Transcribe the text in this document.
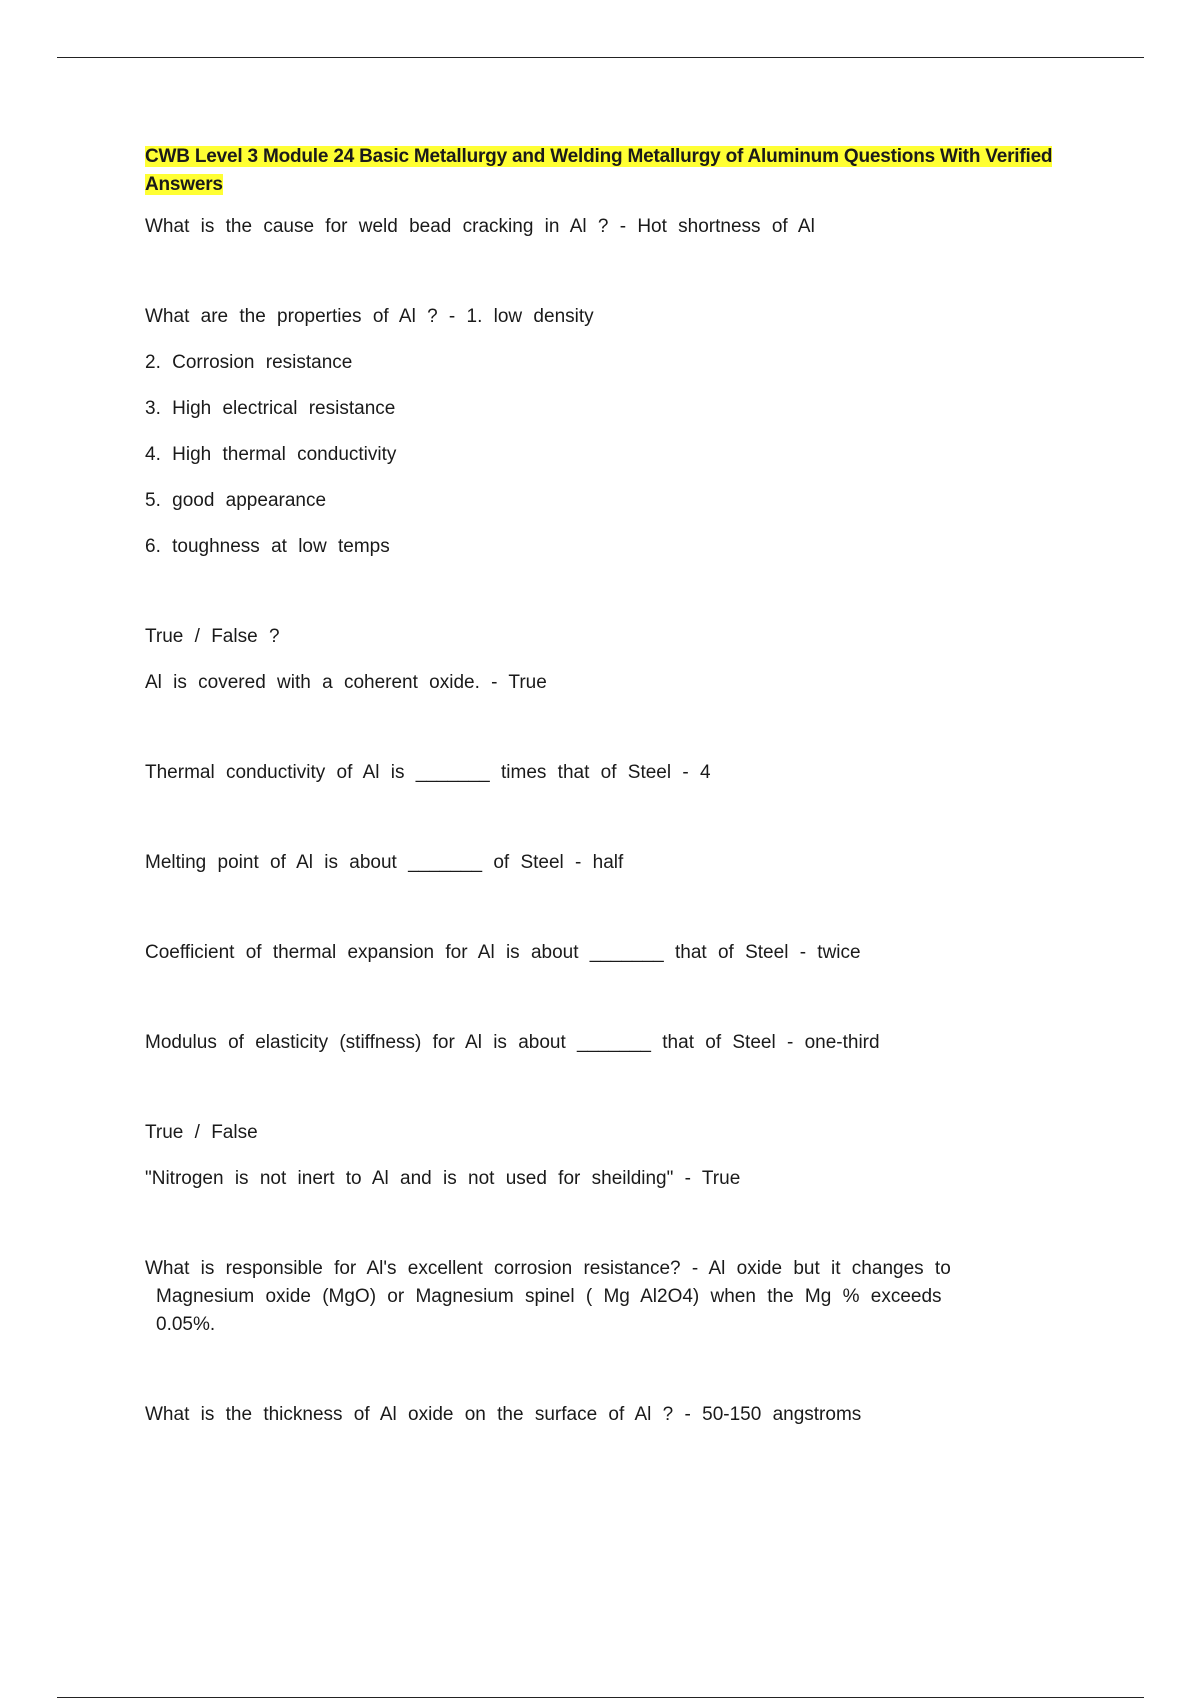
CWB Level 3 Module 24 Basic Metallurgy and Welding Metallurgy of Aluminum Questions With Verified Answers
What is the cause for weld bead cracking in Al ? - Hot shortness of Al
What are the properties of Al ? - 1. low density
2. Corrosion resistance
3. High electrical resistance
4. High thermal conductivity
5. good appearance
6. toughness at low temps
True / False ?
Al is covered with a coherent oxide. - True
Thermal conductivity of Al is _______ times that of Steel - 4
Melting point of Al is about _______ of Steel - half
Coefficient of thermal expansion for Al is about _______ that of Steel - twice
Modulus of elasticity (stiffness) for Al is about _______ that of Steel - one-third
True / False
"Nitrogen is not inert to Al and is not used for sheilding" - True
What is responsible for Al's excellent corrosion resistance? - Al oxide but it changes to
Magnesium oxide (MgO) or Magnesium spinel ( Mg Al2O4) when the Mg % exceeds
0.05%.
What is the thickness of Al oxide on the surface of Al ? - 50-150 angstroms
